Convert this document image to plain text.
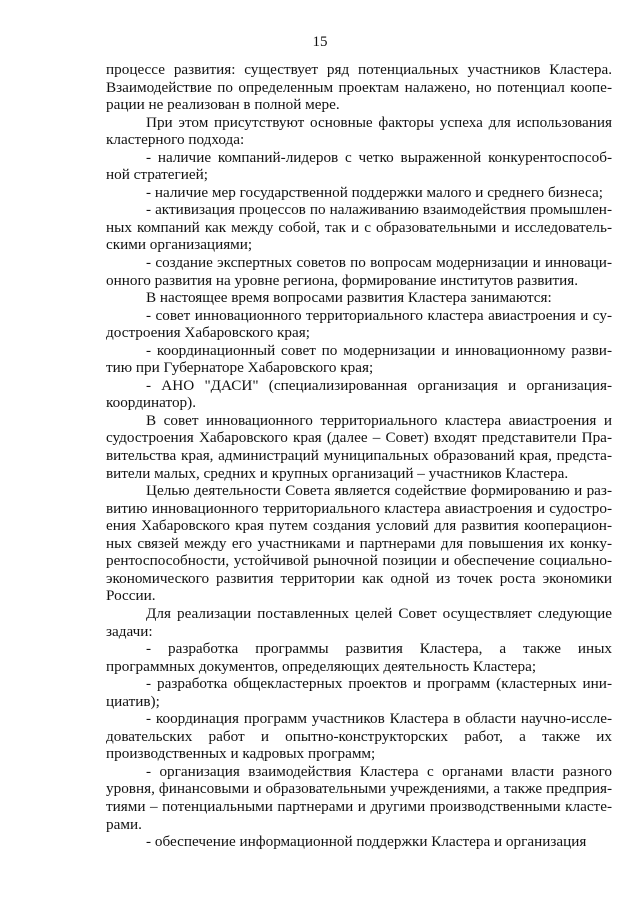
15

процессе развития: существует ряд потенциальных участников Кластера. Взаимодействие по определенным проектам налажено, но потенциал кооперации не реализован в полной мере.

При этом присутствуют основные факторы успеха для использования кластерного подхода:

- наличие компаний-лидеров с четко выраженной конкурентоспособной стратегией;

- наличие мер государственной поддержки малого и среднего бизнеса;

- активизация процессов по налаживанию взаимодействия промышленных компаний как между собой, так и с образовательными и исследовательскими организациями;

- создание экспертных советов по вопросам модернизации и инновационного развития на уровне региона, формирование институтов развития.

В настоящее время вопросами развития Кластера занимаются:

- совет инновационного территориального кластера авиастроения и судостроения Хабаровского края;

- координационный совет по модернизации и инновационному развитию при Губернаторе Хабаровского края;

- АНО "ДАСИ" (специализированная организация и организация-координатор).

В совет инновационного территориального кластера авиастроения и судостроения Хабаровского края (далее – Совет) входят представители Правительства края, администраций муниципальных образований края, представители малых, средних и крупных организаций – участников Кластера.

Целью деятельности Совета является содействие формированию и развитию инновационного территориального кластера авиастроения и судостроения Хабаровского края путем создания условий для развития кооперационных связей между его участниками и партнерами для повышения их конкурентоспособности, устойчивой рыночной позиции и обеспечение социально-экономического развития территории как одной из точек роста экономики России.

Для реализации поставленных целей Совет осуществляет следующие задачи:

- разработка программы развития Кластера, а также иных программных документов, определяющих деятельность Кластера;

- разработка общекластерных проектов и программ (кластерных инициатив);

- координация программ участников Кластера в области научно-исследовательских работ и опытно-конструкторских работ, а также их производственных и кадровых программ;

- организация взаимодействия Кластера с органами власти разного уровня, финансовыми и образовательными учреждениями, а также предприятиями – потенциальными партнерами и другими производственными кластерами.

- обеспечение информационной поддержки Кластера и организация
